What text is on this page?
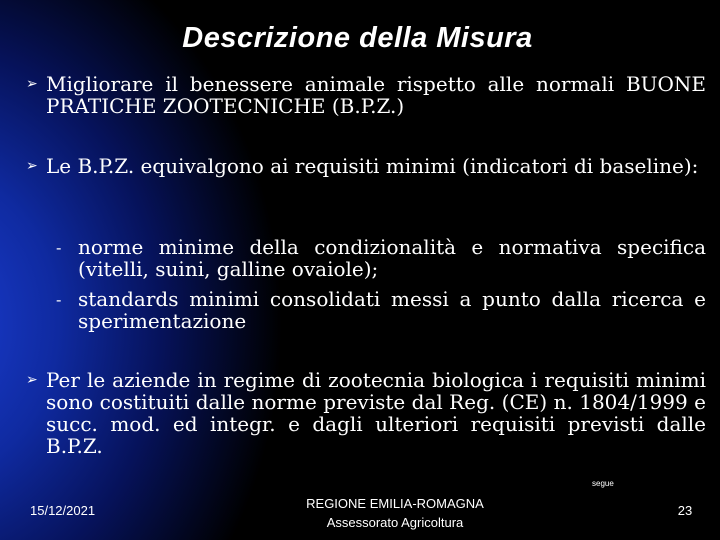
Descrizione della Misura
➢ Migliorare il benessere animale rispetto alle normali BUONE PRATICHE ZOOTECNICHE (B.P.Z.)
➢ Le B.P.Z. equivalgono ai requisiti minimi (indicatori di baseline):
- norme minime della condizionalità e normativa specifica (vitelli, suini, galline ovaiole);
- standards minimi consolidati messi a punto dalla ricerca e sperimentazione
➢ Per le aziende in regime di zootecnia biologica i requisiti minimi sono costituiti dalle norme previste dal Reg. (CE) n. 1804/1999 e succ. mod. ed integr. e dagli ulteriori requisiti previsti dalle B.P.Z.
segue
15/12/2021	REGIONE EMILIA-ROMAGNA
Assessorato Agricoltura
23
